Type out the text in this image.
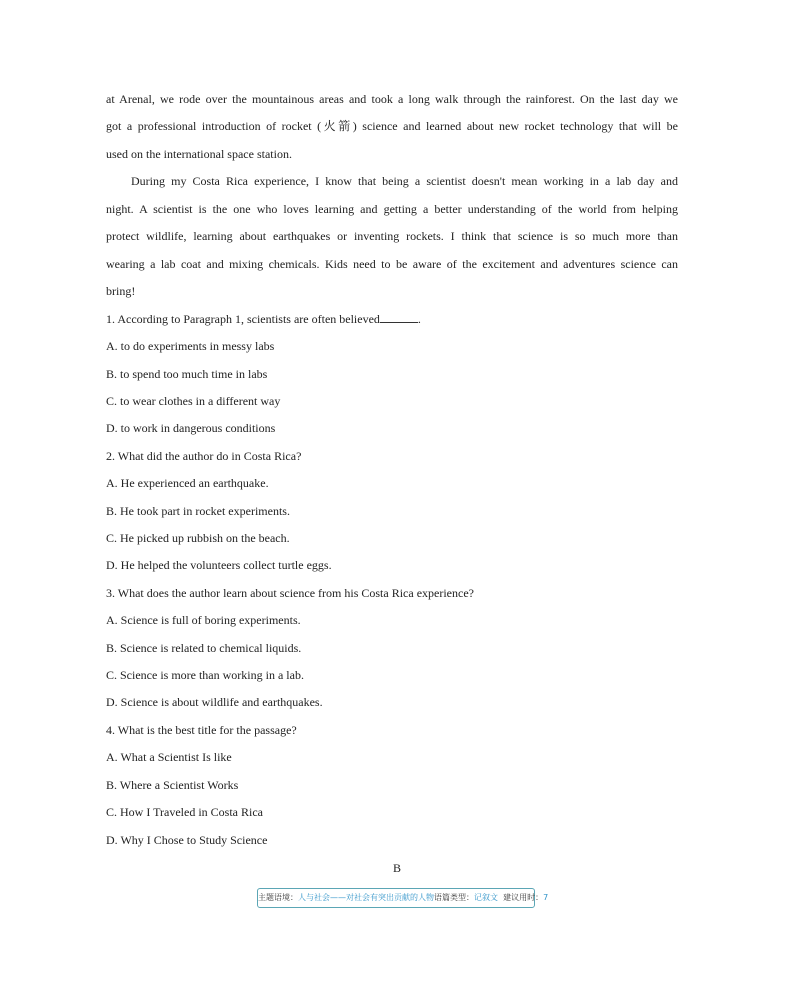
at Arenal, we rode over the mountainous areas and took a long walk through the rainforest. On the last day we
got a professional introduction of rocket (火箭) science and learned about new rocket technology that will be
used on the international space station.
During my Costa Rica experience, I know that being a scientist doesn't mean working in a lab day and
night. A scientist is the one who loves learning and getting a better understanding of the world from helping
protect wildlife, learning about earthquakes or inventing rockets. I think that science is so much more than
wearing a lab coat and mixing chemicals. Kids need to be aware of the excitement and adventures science can
bring!
1. According to Paragraph 1, scientists are often believed	.
A. to do experiments in messy labs
B. to spend too much time in labs
C. to wear clothes in a different way
D. to work in dangerous conditions
2. What did the author do in Costa Rica?
A. He experienced an earthquake.
B. He took part in rocket experiments.
C. He picked up rubbish on the beach.
D. He helped the volunteers collect turtle eggs.
3. What does the author learn about science from his Costa Rica experience?
A. Science is full of boring experiments.
B. Science is related to chemical liquids.
C. Science is more than working in a lab.
D. Science is about wildlife and earthquakes.
4. What is the best title for the passage?
A. What a Scientist Is like
B. Where a Scientist Works
C. How I Traveled in Costa Rica
D. Why I Chose to Study Science
B
主题语境：人与社会——对社会有突出贡献的人物语篇类型：记叙文 建议用时：7
